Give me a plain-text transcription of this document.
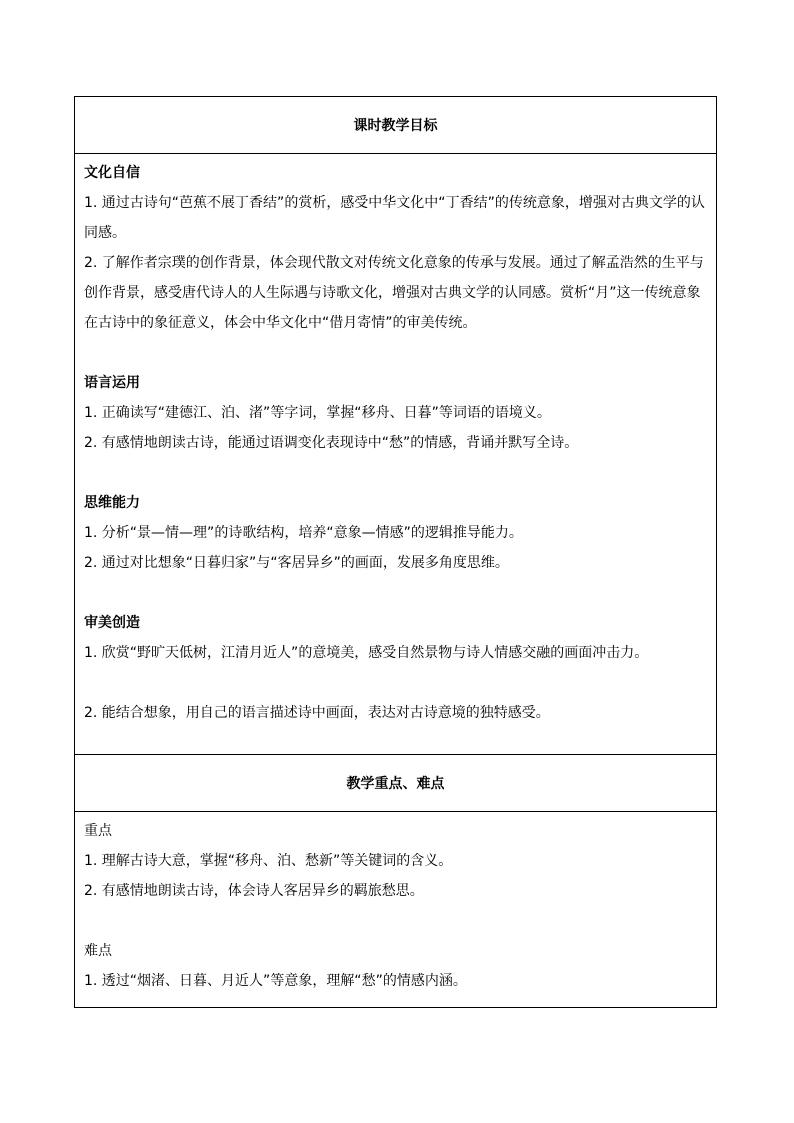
课时教学目标
文化自信
1. 通过古诗句“芭蕉不展丁香结”的赏析，感受中华文化中“丁香结”的传统意象，增强对古典文学的认同感。
2. 了解作者宗璞的创作背景，体会现代散文对传统文化意象的传承与发展。通过了解孟浩然的生平与创作背景，感受唐代诗人的人生际遇与诗歌文化，增强对古典文学的认同感。赏析“月”这一传统意象在古诗中的象征意义，体会中华文化中“借月寄情”的审美传统。
语言运用
1. 正确读写“建德江、泊、渚”等字词，掌握“移舟、日暮”等词语的语境义。
2. 有感情地朗读古诗，能通过语调变化表现诗中“愁”的情感，背诵并默写全诗。
思维能力
1. 分析“景—情—理”的诗歌结构，培养“意象—情感”的逻辑推导能力。
2. 通过对比想象“日暮归家”与“客居异乡”的画面，发展多角度思维。
审美创造
1. 欣赏“野旷天低树，江清月近人”的意境美，感受自然景物与诗人情感交融的画面冲击力。
2. 能结合想象，用自己的语言描述诗中画面，表达对古诗意境的独特感受。
教学重点、难点
重点
1. 理解古诗大意，掌握“移舟、泊、愁新”等关键词的含义。
2. 有感情地朗读古诗，体会诗人客居异乡的羁旅愁思。
难点
1. 透过“烟渚、日暮、月近人”等意象，理解“愁”的情感内涵。
